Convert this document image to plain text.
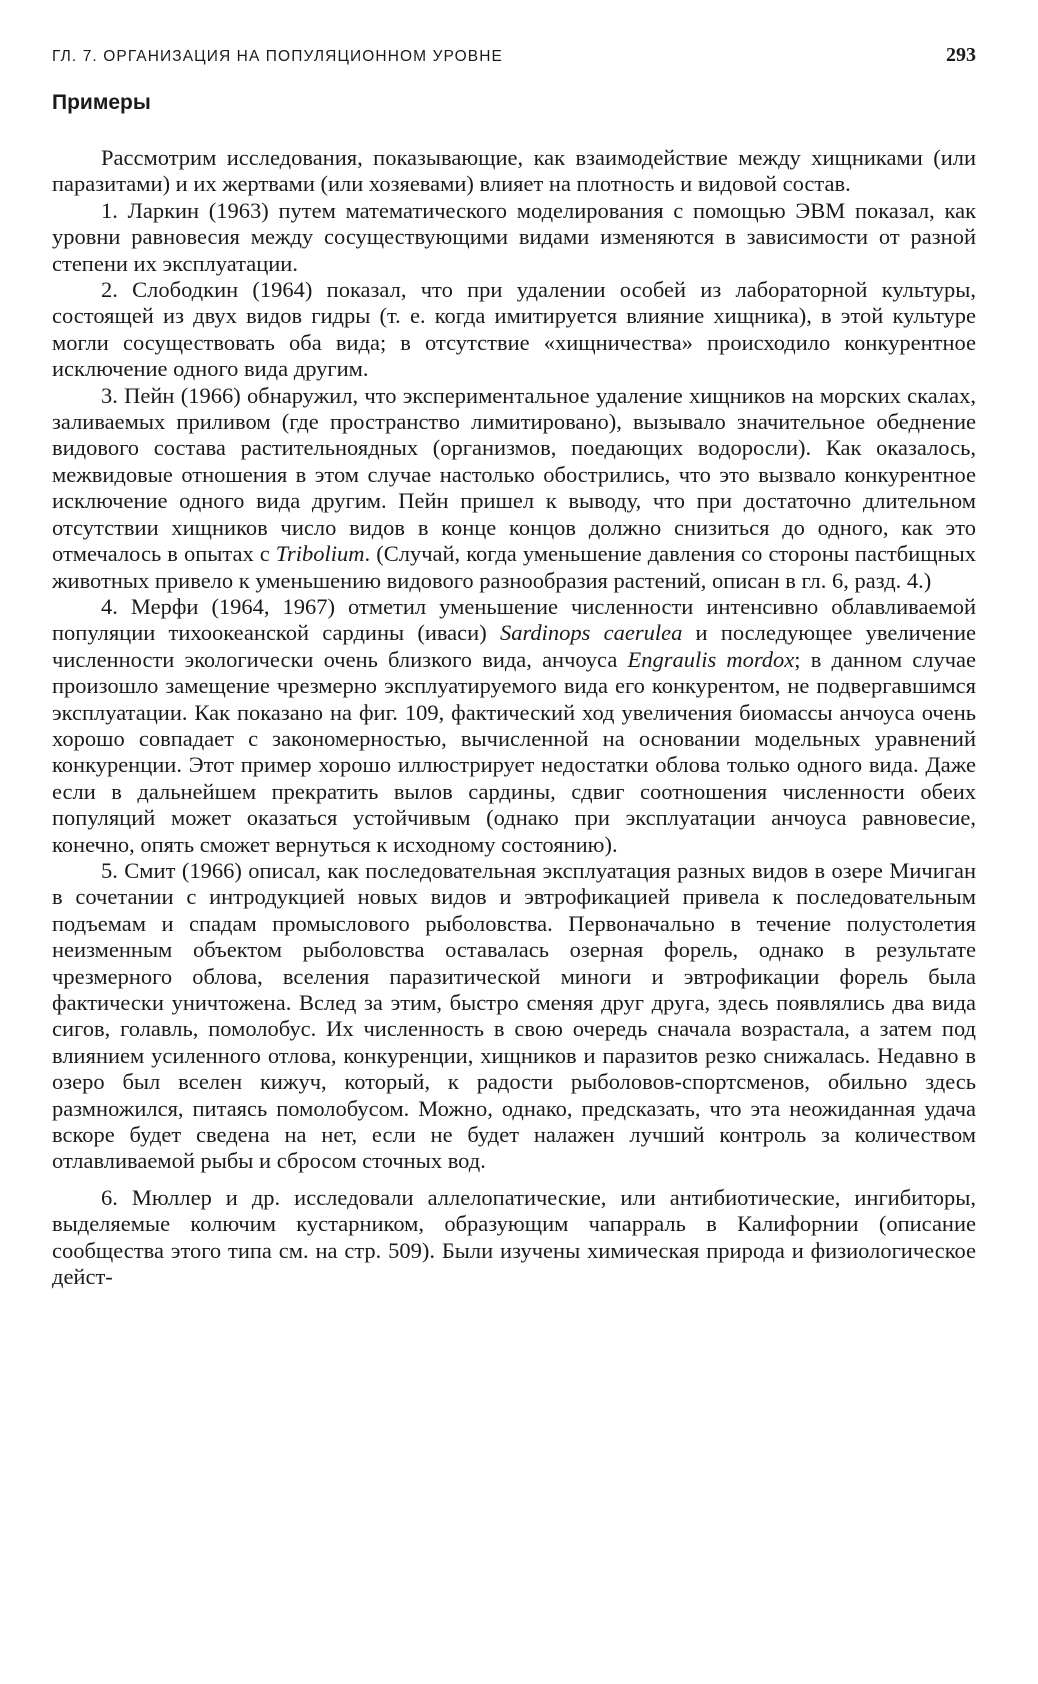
ГЛ. 7. ОРГАНИЗАЦИЯ НА ПОПУЛЯЦИОННОМ УРОВНЕ	293
Примеры

Рассмотрим исследования, показывающие, как взаимодействие между хищниками (или паразитами) и их жертвами (или хозяевами) влияет на плотность и видовой состав.

1. Ларкин (1963) путем математического моделирования с помощью ЭВМ показал, как уровни равновесия между сосуществующими видами изменяются в зависимости от разной степени их эксплуатации.

2. Слободкин (1964) показал, что при удалении особей из лабораторной культуры, состоящей из двух видов гидры (т. е. когда имитируется влияние хищника), в этой культуре могли сосуществовать оба вида; в отсутствие «хищничества» происходило конкурентное исключение одного вида другим.

3. Пейн (1966) обнаружил, что экспериментальное удаление хищников на морских скалах, заливаемых приливом (где пространство лимитировано), вызывало значительное обеднение видового состава растительноядных (организмов, поедающих водоросли). Как оказалось, межвидовые отношения в этом случае настолько обострились, что это вызвало конкурентное исключение одного вида другим. Пейн пришел к выводу, что при достаточно длительном отсутствии хищников число видов в конце концов должно снизиться до одного, как это отмечалось в опытах с Tribolium. (Случай, когда уменьшение давления со стороны пастбищных животных привело к уменьшению видового разнообразия растений, описан в гл. 6, разд. 4.)

4. Мерфи (1964, 1967) отметил уменьшение численности интенсивно облавливаемой популяции тихоокеанской сардины (иваси) Sardinops caerulea и последующее увеличение численности экологически очень близкого вида, анчоуса Engraulis mordox; в данном случае произошло замещение чрезмерно эксплуатируемого вида его конкурентом, не подвергавшимся эксплуатации. Как показано на фиг. 109, фактический ход увеличения биомассы анчоуса очень хорошо совпадает с закономерностью, вычисленной на основании модельных уравнений конкуренции. Этот пример хорошо иллюстрирует недостатки облова только одного вида. Даже если в дальнейшем прекратить вылов сардины, сдвиг соотношения численности обеих популяций может оказаться устойчивым (однако при эксплуатации анчоуса равновесие, конечно, опять сможет вернуться к исходному состоянию).

5. Смит (1966) описал, как последовательная эксплуатация разных видов в озере Мичиган в сочетании с интродукцией новых видов и эвтрофикацией привела к последовательным подъемам и спадам промыслового рыболовства. Первоначально в течение полустолетия неизменным объектом рыболовства оставалась озерная форель, однако в результате чрезмерного облова, вселения паразитической миноги и эвтрофикации форель была фактически уничтожена. Вслед за этим, быстро сменяя друг друга, здесь появлялись два вида сигов, голавль, помолобус. Их численность в свою очередь сначала возрастала, а затем под влиянием усиленного отлова, конкуренции, хищников и паразитов резко снижалась. Недавно в озеро был вселен кижуч, который, к радости рыболовов-спортсменов, обильно здесь размножился, питаясь помолобусом. Можно, однако, предсказать, что эта неожиданная удача вскоре будет сведена на нет, если не будет налажен лучший контроль за количеством отлавливаемой рыбы и сбросом сточных вод.

6. Мюллер и др. исследовали аллелопатические, или антибиотические, ингибиторы, выделяемые колючим кустарником, образующим чапарраль в Калифорнии (описание сообщества этого типа см. на стр. 509). Были изучены химическая природа и физиологическое дейст-
